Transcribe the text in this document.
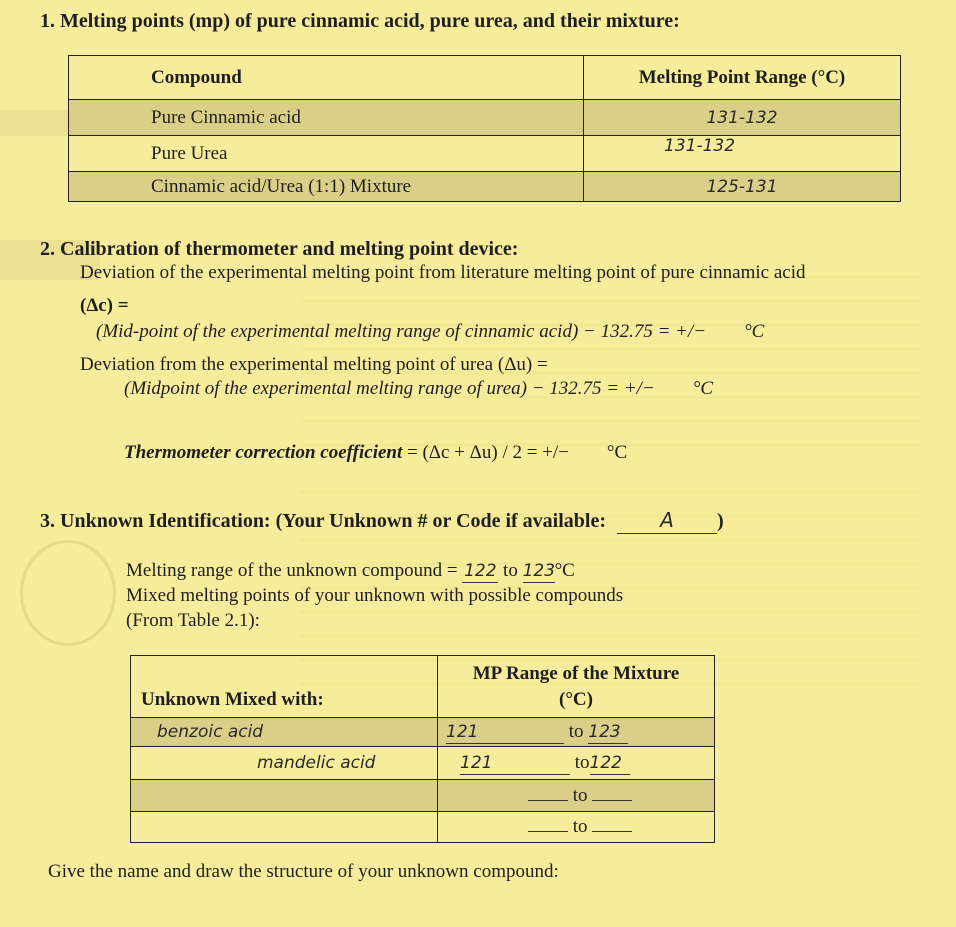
1. Melting points (mp) of pure cinnamic acid, pure urea, and their mixture:
Compound	Melting Point Range (°C)
Pure Cinnamic acid	131-132
Pure Urea	131-132
Cinnamic acid/Urea (1:1) Mixture	125-131
2. Calibration of thermometer and melting point device:
Deviation of the experimental melting point from literature melting point of pure cinnamic acid
(Δc) =
(Mid-point of the experimental melting range of cinnamic acid) − 132.75 = +/−        °C
Deviation from the experimental melting point of urea (Δu) =
(Midpoint of the experimental melting range of urea) − 132.75 = +/−        °C
Thermometer correction coefficient = (Δc + Δu) / 2 = +/−        °C
3. Unknown Identification: (Your Unknown # or Code if available:	A )
Melting range of the unknown compound = 122 to 123°C
Mixed melting points of your unknown with possible compounds
(From Table 2.1):
Unknown Mixed with:	MP Range of the Mixture
(°C)

benzoic acid	121 to 123
mandelic acid	121 to122
	to
	to
Give the name and draw the structure of your unknown compound:
